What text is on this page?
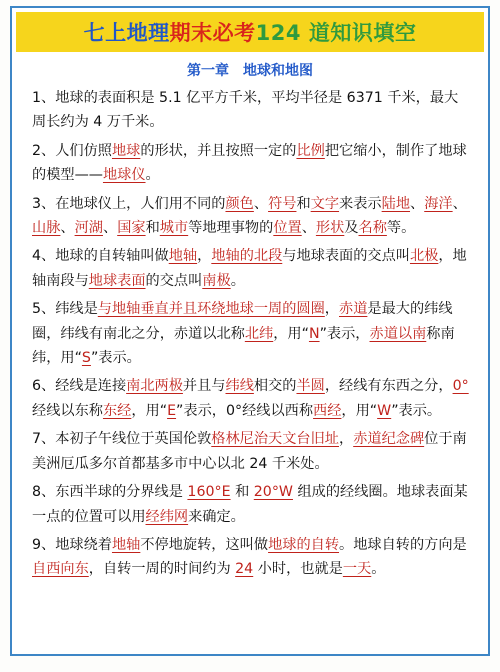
七上地理 期末必考 124 道知识填空
第一章　地球和地图
1、地球的表面积是 5.1 亿平方千米，平均半径是 6371 千米，最大周长约为 4 万千米。
2、人们仿照地球的形状，并且按照一定的比例把它缩小，制作了地球的模型——地球仪。
3、在地球仪上，人们用不同的颜色、符号和文字来表示陆地、海洋、山脉、河湖、国家和城市等地理事物的位置、形状及名称等。
4、地球的自转轴叫做地轴，地轴的北段与地球表面的交点叫北极，地轴南段与地球表面的交点叫南极。
5、纬线是与地轴垂直并且环绕地球一周的圆圈，赤道是最大的纬线圈，纬线有南北之分，赤道以北称北纬，用“N”表示，赤道以南称南纬，用“S”表示。
6、经线是连接南北两极并且与纬线相交的半圆，经线有东西之分，0°经线以东称东经，用“E”表示，0°经线以西称西经，用“W”表示。
7、本初子午线位于英国伦敦格林尼治天文台旧址，赤道纪念碑位于南美洲厄瓜多尔首都基多市中心以北 24 千米处。
8、东西半球的分界线是 160°E 和 20°W 组成的经线圈。地球表面某一点的位置可以用经纬网来确定。
9、地球绕着地轴不停地旋转，这叫做地球的自转。地球自转的方向是自西向东，自转一周的时间约为 24 小时，也就是一天。
